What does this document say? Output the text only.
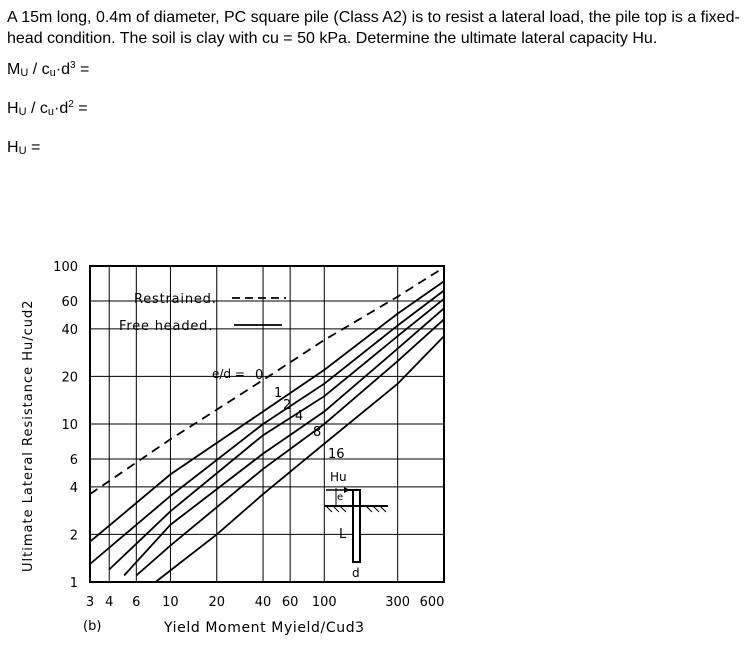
A 15m long, 0.4m of diameter, PC square pile (Class A2) is to resist a lateral load, the pile top is a fixed-head condition. The soil is clay with cu = 50 kPa. Determine the ultimate lateral capacity Hu.

MU / $cu\cdot d^3$ =

HU / $cu\cdot d^2$ =

HU =

100
60
40
20
10
6
4
2
1
3 4 6 10 20 40 60 100	300 600
Restrained.
Free headed.
e/d = 0
1
2
4
8
16
Ultimate Lateral Resistance Hu/cud2
Yield Moment Myield/Cud3
(b)
Hu
e
L
d
